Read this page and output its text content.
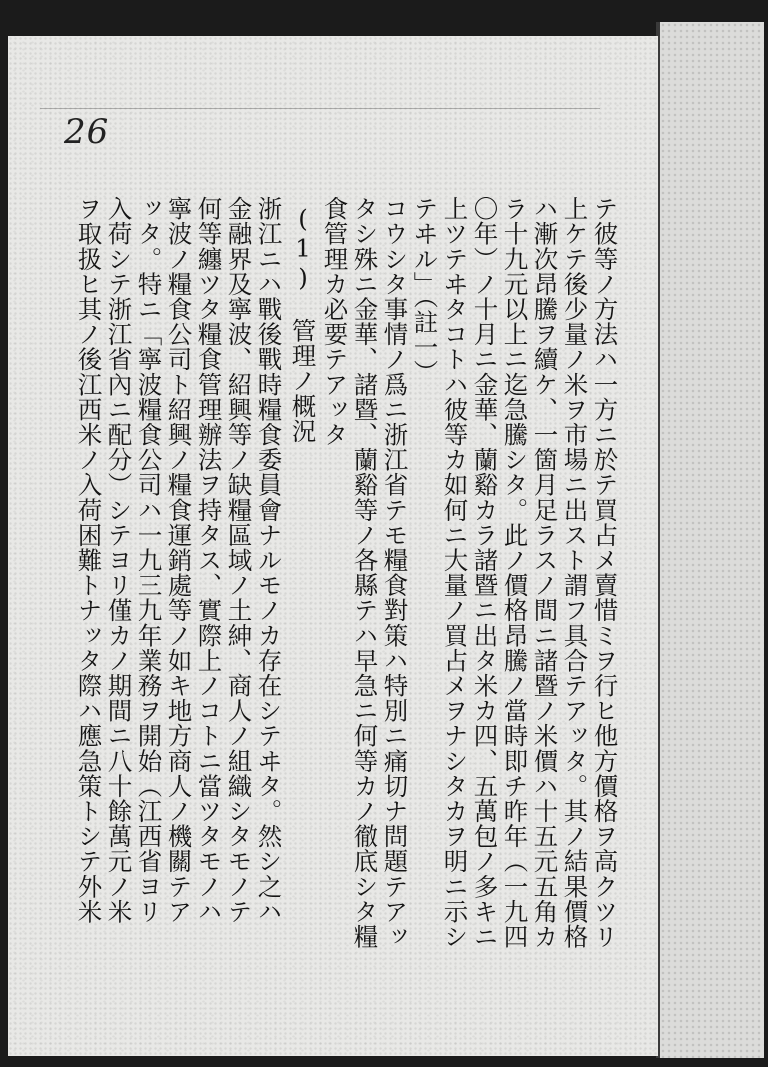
26
テ彼等ノ方法ハ一方ニ於テ買占メ賣惜ミヲ行ヒ他方價格ヲ高クツリ
上ケテ後少量ノ米ヲ市場ニ出スト謂フ具合テアッタ。其ノ結果價格
ハ漸次昂騰ヲ續ケ、一箇月足ラスノ間ニ諸暨ノ米價ハ十五元五角カ
ラ十九元以上ニ迄急騰シタ。此ノ價格昂騰ノ當時即チ昨年（一九四
〇年）ノ十月ニ金華、蘭谿カラ諸暨ニ出タ米カ四、五萬包ノ多キニ
上ツテヰタコトハ彼等カ如何ニ大量ノ買占メヲナシタカヲ明ニ示シ
テヰル」（註一）
コウシタ事情ノ爲ニ浙江省テモ糧食對策ハ特別ニ痛切ナ問題テアッ
タシ殊ニ金華、諸暨、蘭谿等ノ各縣テハ早急ニ何等カノ徹底シタ糧
食管理カ必要テアッタ
(1)　管理ノ概況
浙江ニハ戰後戰時糧食委員會ナルモノカ存在シテヰタ。然シ之ハ
金融界及寧波、紹興等ノ缺糧區域ノ土紳、商人ノ組織シタモノテ
何等纏ツタ糧食管理辦法ヲ持タス、實際上ノコトニ當ツタモノハ
寧波ノ糧食公司ト紹興ノ糧食運銷處等ノ如キ地方商人ノ機關テア
ッタ。特ニ「寧波糧食公司ハ一九三九年業務ヲ開始（江西省ヨリ
入荷シテ浙江省內ニ配分）シテヨリ僅カノ期間ニ八十餘萬元ノ米
ヲ取扱ヒ其ノ後江西米ノ入荷困難トナッタ際ハ應急策トシテ外米
